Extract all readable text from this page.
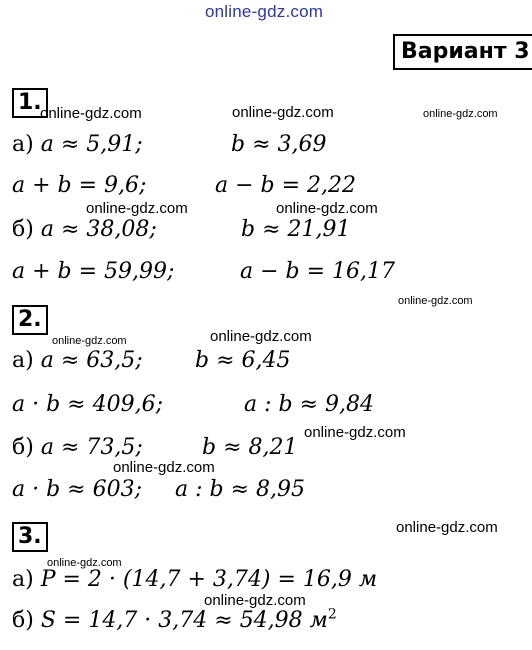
online-gdz.com
online-gdz.com	online-gdz.com	online-gdz.com
online-gdz.com	online-gdz.com
online-gdz.com
online-gdz.com	online-gdz.com
online-gdz.com
online-gdz.com
online-gdz.com
online-gdz.com
online-gdz.com
Вариант 3
1.
а) a ≈ 5,91;	b ≈ 3,69
a + b = 9,6;	a − b = 2,22
б) a ≈ 38,08;	b ≈ 21,91
a + b = 59,99;	a − b = 16,17
2.
а) a ≈ 63,5; b ≈ 6,45
a · b ≈ 409,6;	a : b ≈ 9,84
б) a ≈ 73,5;	b ≈ 8,21
a · b ≈ 603; a : b ≈ 8,95
3.
а) P = 2 · (14,7 + 3,74) = 16,9 м
б) S = 14,7 · 3,74 ≈ 54,98 $м^2$
